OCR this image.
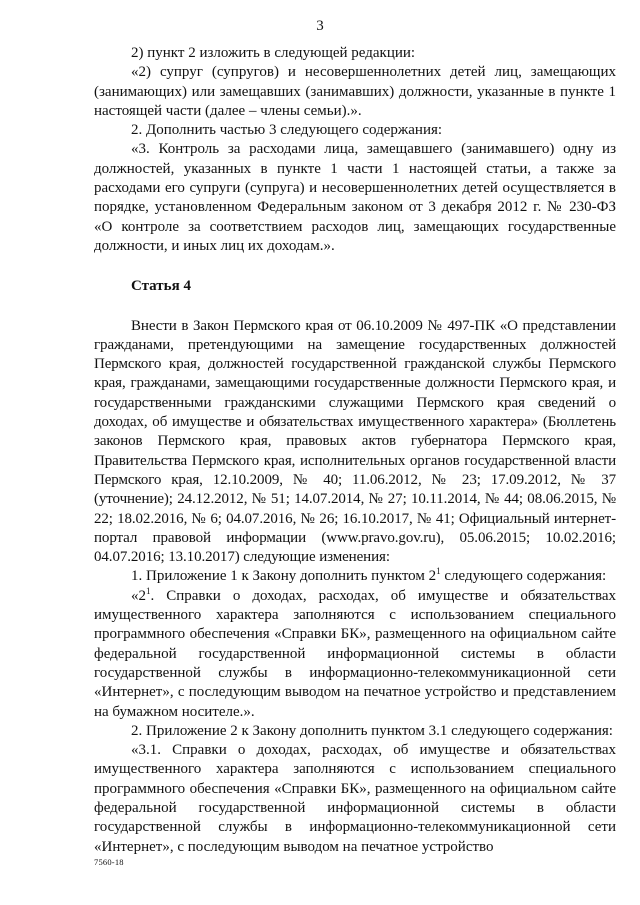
3

2) пункт 2 изложить в следующей редакции:

«2) супруг (супругов) и несовершеннолетних детей лиц, замещающих (занимающих) или замещавших (занимавших) должности, указанные в пункте 1 настоящей части (далее – члены семьи).».

2. Дополнить частью 3 следующего содержания:

«3. Контроль за расходами лица, замещавшего (занимавшего) одну из должностей, указанных в пункте 1 части 1 настоящей статьи, а также за расходами его супруги (супруга) и несовершеннолетних детей осуществляется в порядке, установленном Федеральным законом от 3 декабря 2012 г. № 230-ФЗ «О контроле за соответствием расходов лиц, замещающих государственные должности, и иных лиц их доходам.».

Статья 4

Внести в Закон Пермского края от 06.10.2009 № 497-ПК «О представлении гражданами, претендующими на замещение государственных должностей Пермского края, должностей государственной гражданской службы Пермского края, гражданами, замещающими государственные должности Пермского края, и государственными гражданскими служащими Пермского края сведений о доходах, об имуществе и обязательствах имущественного характера» (Бюллетень законов Пермского края, правовых актов губернатора Пермского края, Правительства Пермского края, исполнительных органов государственной власти Пермского края, 12.10.2009, № 40; 11.06.2012, № 23; 17.09.2012, № 37 (уточнение); 24.12.2012, № 51; 14.07.2014, № 27; 10.11.2014, № 44; 08.06.2015, № 22; 18.02.2016, № 6; 04.07.2016, № 26; 16.10.2017, № 41; Официальный интернет-портал правовой информации (www.pravo.gov.ru), 05.06.2015; 10.02.2016; 04.07.2016; 13.10.2017) следующие изменения:

1. Приложение 1 к Закону дополнить пунктом $2^1$ следующего содержания:

«$2^1$. Справки о доходах, расходах, об имуществе и обязательствах имущественного характера заполняются с использованием специального программного обеспечения «Справки БК», размещенного на официальном сайте федеральной государственной информационной системы в области государственной службы в информационно-телекоммуникационной сети «Интернет», с последующим выводом на печатное устройство и представлением на бумажном носителе.».

2. Приложение 2 к Закону дополнить пунктом 3.1 следующего содержания:

«3.1. Справки о доходах, расходах, об имуществе и обязательствах имущественного характера заполняются с использованием специального программного обеспечения «Справки БК», размещенного на официальном сайте федеральной государственной информационной системы в области государственной службы в информационно-телекоммуникационной сети «Интернет», с последующим выводом на печатное устройство

7560-18
